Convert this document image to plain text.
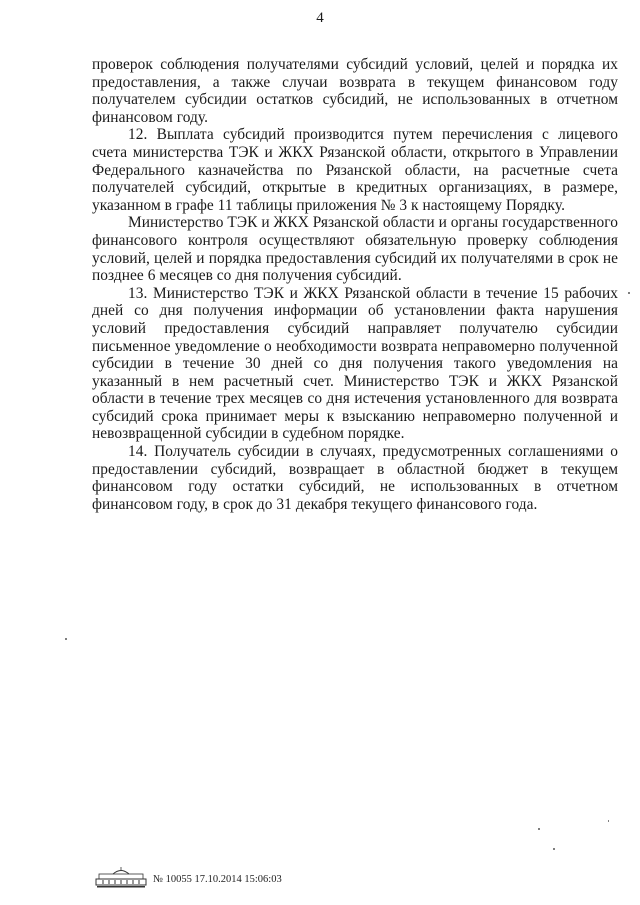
4

проверок соблюдения получателями субсидий условий, целей и порядка их предоставления, а также случаи возврата в текущем финансовом году получателем субсидии остатков субсидий, не использованных в отчетном финансовом году.

12. Выплата субсидий производится путем перечисления с лицевого счета министерства ТЭК и ЖКХ Рязанской области, открытого в Управлении Федерального казначейства по Рязанской области, на расчетные счета получателей субсидий, открытые в кредитных организациях, в размере, указанном в графе 11 таблицы приложения № 3 к настоящему Порядку.

Министерство ТЭК и ЖКХ Рязанской области и органы государственного финансового контроля осуществляют обязательную проверку соблюдения условий, целей и порядка предоставления субсидий их получателями в срок не позднее 6 месяцев со дня получения субсидий.

13. Министерство ТЭК и ЖКХ Рязанской области в течение 15 рабочих дней со дня получения информации об установлении факта нарушения условий предоставления субсидий направляет получателю субсидии письменное уведомление о необходимости возврата неправомерно полученной субсидии в течение 30 дней со дня получения такого уведомления на указанный в нем расчетный счет. Министерство ТЭК и ЖКХ Рязанской области в течение трех месяцев со дня истечения установленного для возврата субсидий срока принимает меры к взысканию неправомерно полученной и невозвращенной субсидии в судебном порядке.

14. Получатель субсидии в случаях, предусмотренных соглашениями о предоставлении субсидий, возвращает в областной бюджет в текущем финансовом году остатки субсидий, не использованных в отчетном финансовом году, в срок до 31 декабря текущего финансового года.

№ 10055 17.10.2014 15:06:03
